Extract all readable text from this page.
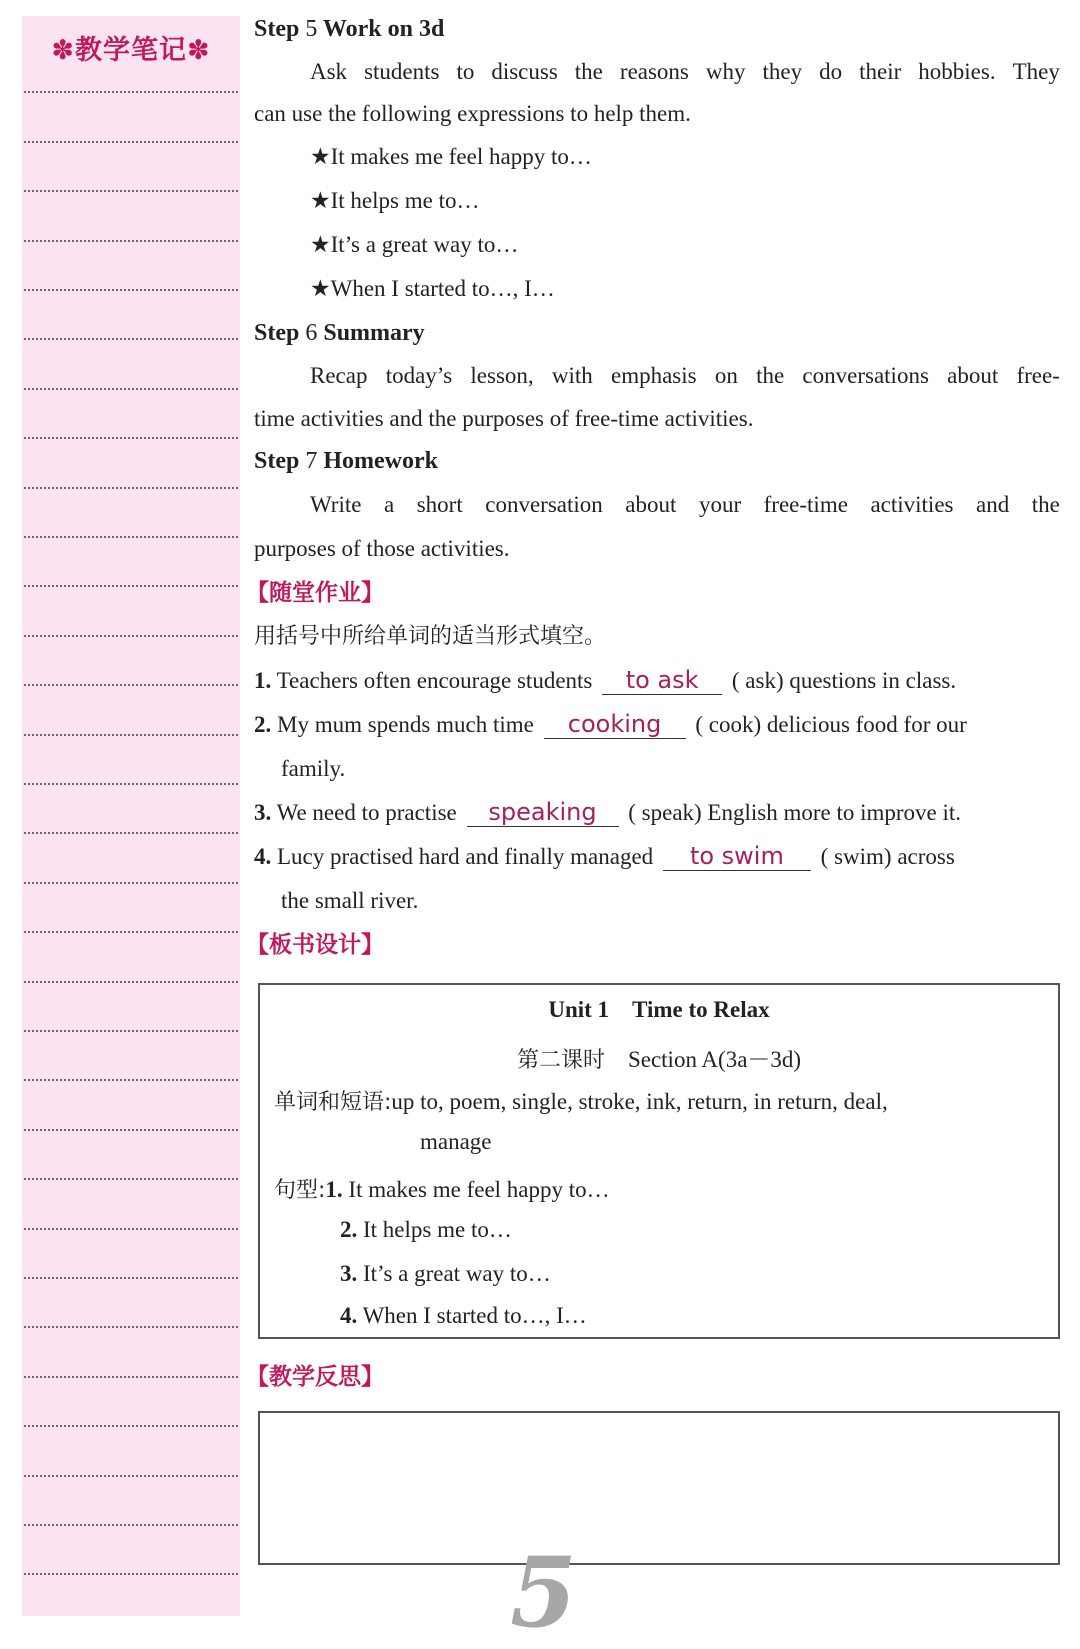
✽教学笔记✽
Step 5 Work on 3d
Ask students to discuss the reasons why they do their hobbies. They
can use the following expressions to help them.
★It makes me feel happy to…
★It helps me to…
★It’s a great way to…
★When I started to…, I…
Step 6 Summary
Recap today’s lesson, with emphasis on the conversations about free-
time activities and the purposes of free-time activities.
Step 7 Homework
Write a short conversation about your free-time activities and the
purposes of those activities.
【随堂作业】
用括号中所给单词的适当形式填空。
1. Teachers often encourage students to ask ( ask) questions in class.
2. My mum spends much time cooking ( cook) delicious food for our
family.
3. We need to practise speaking ( speak) English more to improve it.
4. Lucy practised hard and finally managed to swim ( swim) across
the small river.
【板书设计】
Unit 1 Time to Relax
第二课时 Section A(3a－3d)
单词和短语:up to, poem, single, stroke, ink, return, in return, deal,
manage
句型:1. It makes me feel happy to…
2. It helps me to…
3. It’s a great way to…
4. When I started to…, I…
【教学反思】
5
